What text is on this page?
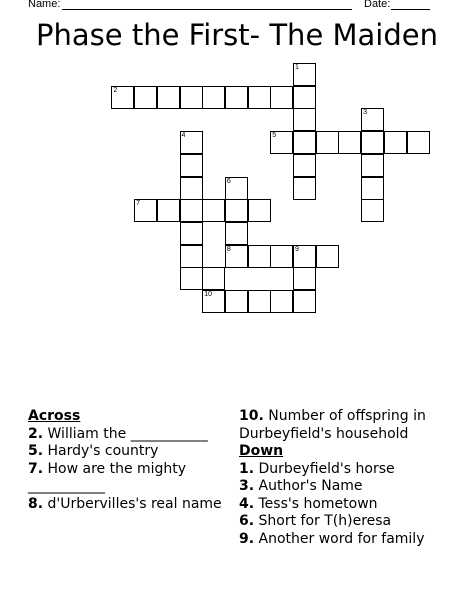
Name:	Date:
Phase the First- The Maiden
1
2
3
4	5
6
7
8	9
10
Across
2. William the ___________
5. Hardy's country
7. How are the mighty ___________
8. d'Urbervilles's real name
10. Number of offspring in Durbeyfield's household
Down
1. Durbeyfield's horse
3. Author's Name
4. Tess's hometown
6. Short for T(h)eresa
9. Another word for family
